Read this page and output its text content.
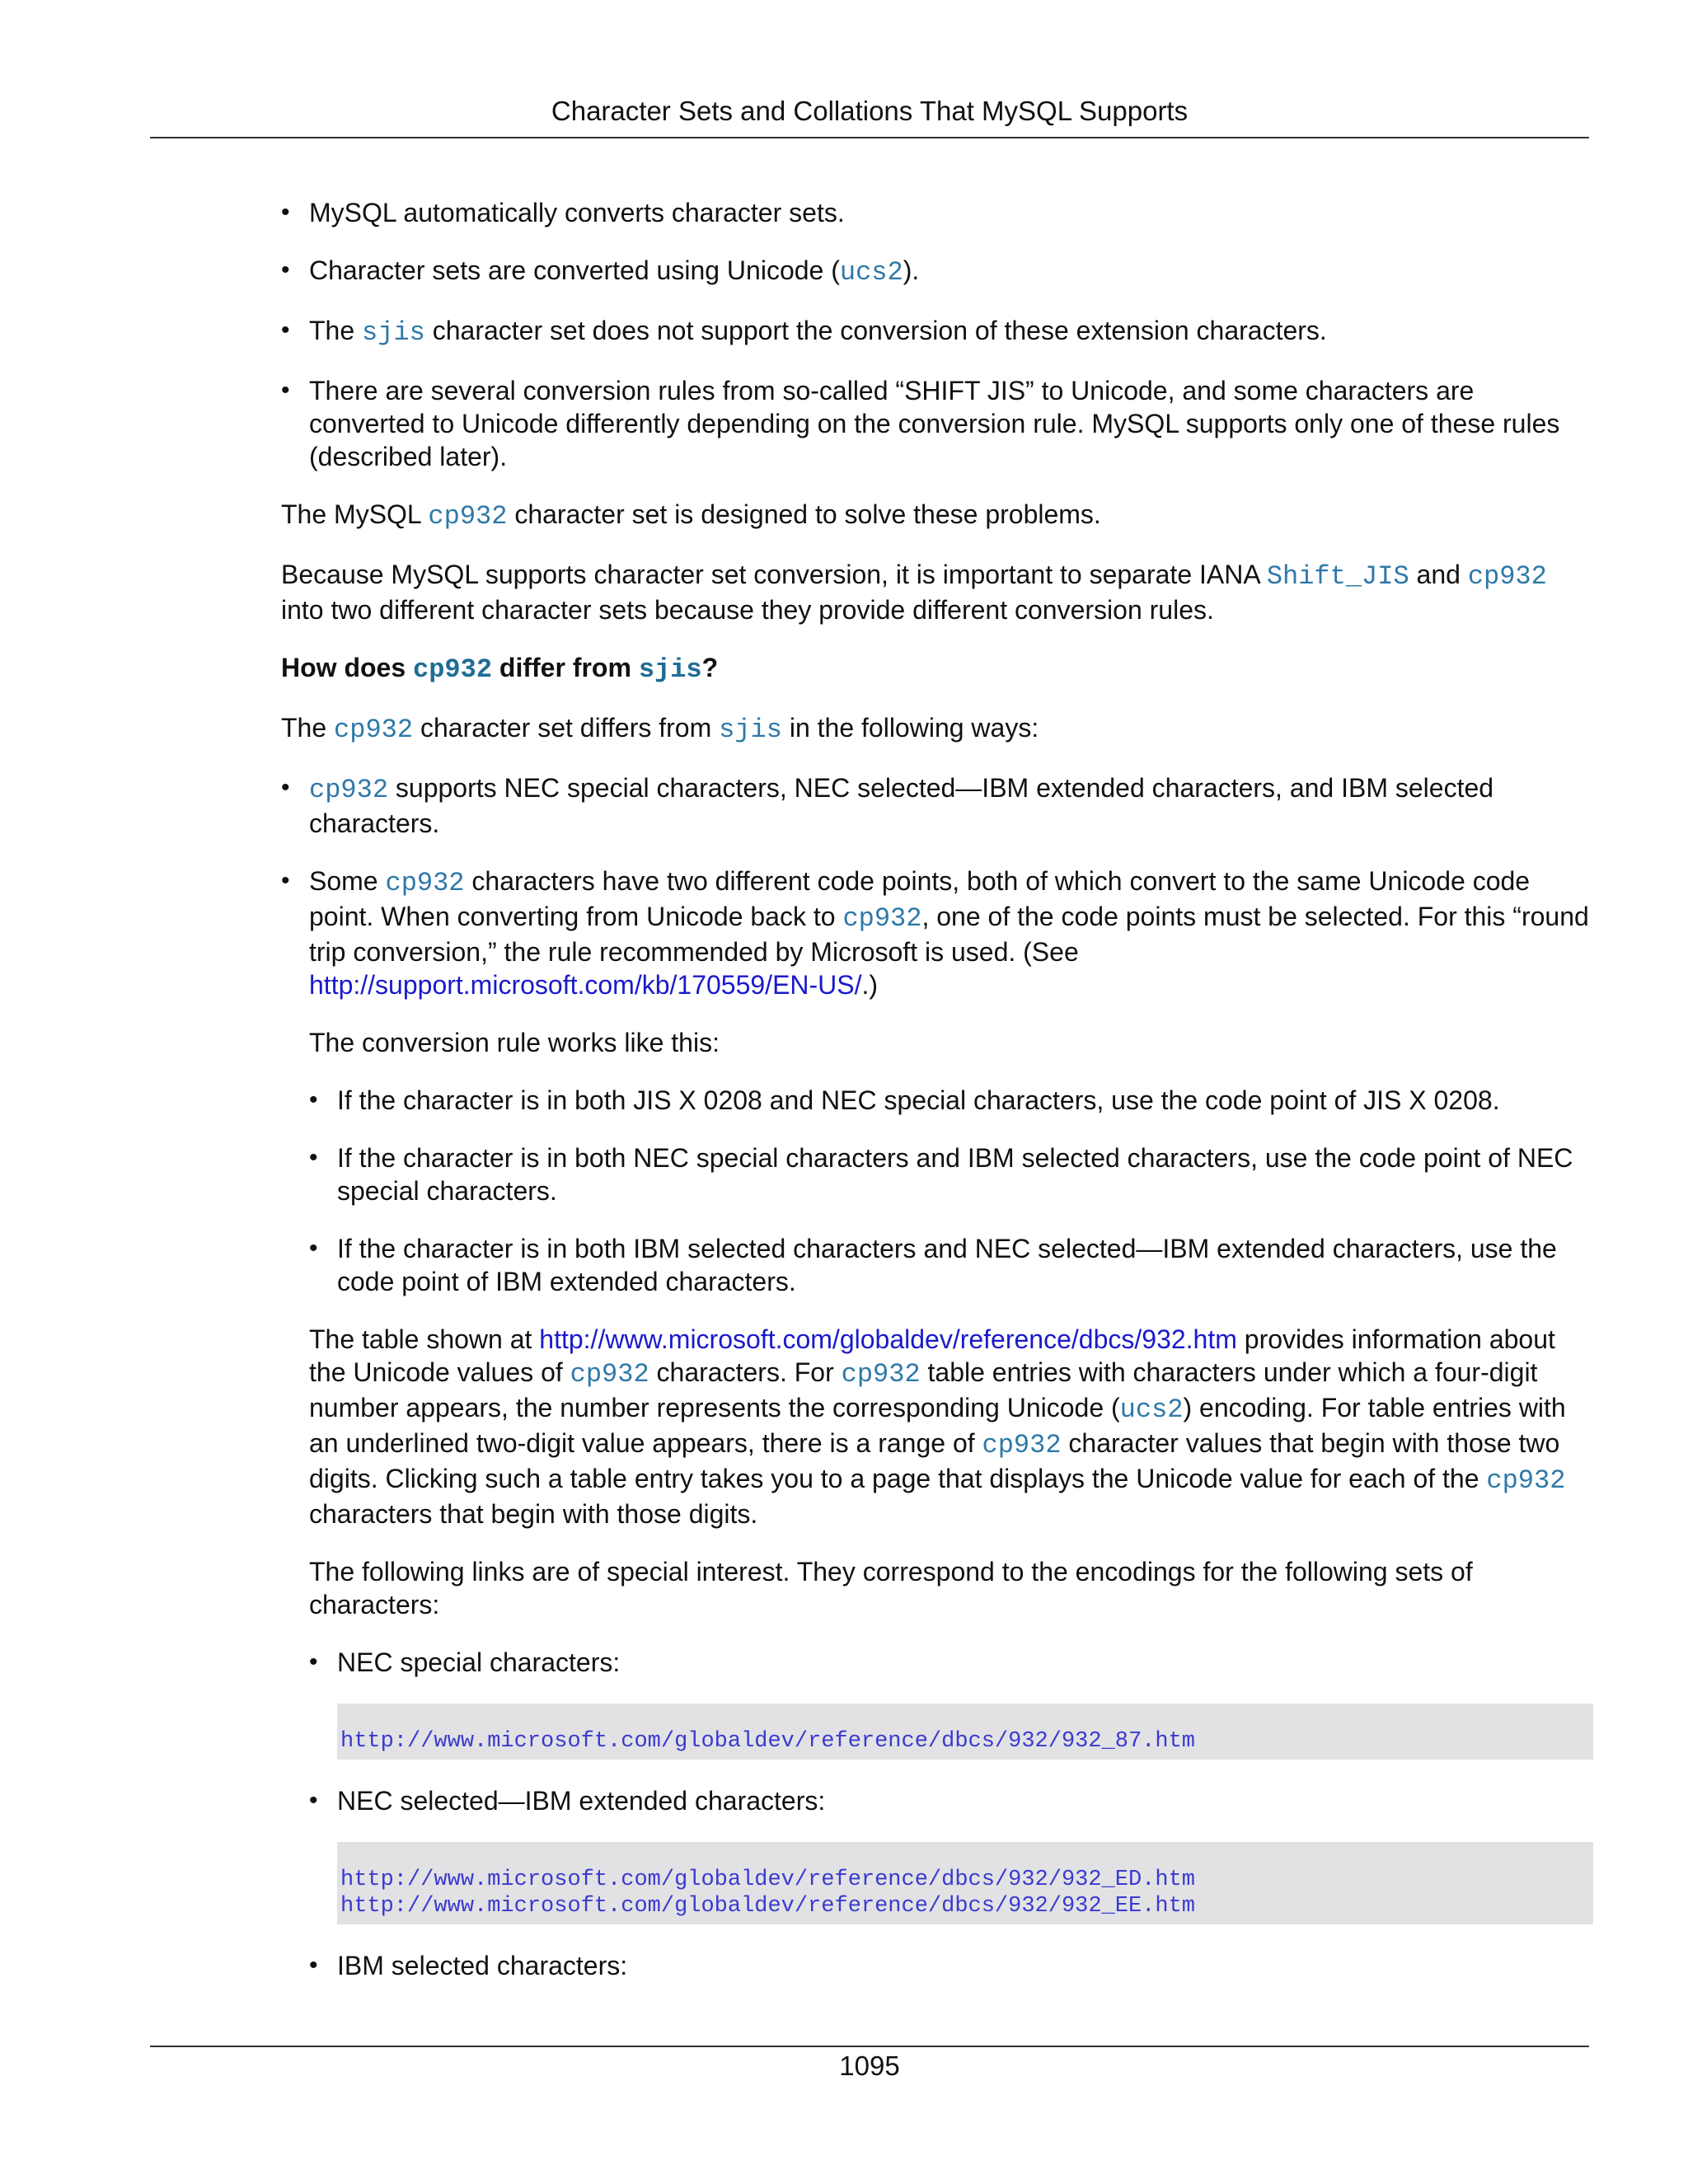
Character Sets and Collations That MySQL Supports
• MySQL automatically converts character sets.
• Character sets are converted using Unicode (ucs2).
• The sjis character set does not support the conversion of these extension characters.
• There are several conversion rules from so-called “SHIFT JIS” to Unicode, and some characters are converted to Unicode differently depending on the conversion rule. MySQL supports only one of these rules (described later).

The MySQL cp932 character set is designed to solve these problems.

Because MySQL supports character set conversion, it is important to separate IANA Shift_JIS and cp932 into two different character sets because they provide different conversion rules.

How does cp932 differ from sjis?

The cp932 character set differs from sjis in the following ways:

• cp932 supports NEC special characters, NEC selected—IBM extended characters, and IBM selected characters.
• Some cp932 characters have two different code points, both of which convert to the same Unicode code point. When converting from Unicode back to cp932, one of the code points must be selected. For this “round trip conversion,” the rule recommended by Microsoft is used. (See http://support.microsoft.com/kb/170559/EN-US/.)

The conversion rule works like this:

• If the character is in both JIS X 0208 and NEC special characters, use the code point of JIS X 0208.
• If the character is in both NEC special characters and IBM selected characters, use the code point of NEC special characters.
• If the character is in both IBM selected characters and NEC selected—IBM extended characters, use the code point of IBM extended characters.

The table shown at http://www.microsoft.com/globaldev/reference/dbcs/932.htm provides information about the Unicode values of cp932 characters. For cp932 table entries with characters under which a four-digit number appears, the number represents the corresponding Unicode (ucs2) encoding. For table entries with an underlined two-digit value appears, there is a range of cp932 character values that begin with those two digits. Clicking such a table entry takes you to a page that displays the Unicode value for each of the cp932 characters that begin with those digits.

The following links are of special interest. They correspond to the encodings for the following sets of characters:

• NEC special characters:
http://www.microsoft.com/globaldev/reference/dbcs/932/932_87.htm
• NEC selected—IBM extended characters:
http://www.microsoft.com/globaldev/reference/dbcs/932/932_ED.htm
http://www.microsoft.com/globaldev/reference/dbcs/932/932_EE.htm
• IBM selected characters:
1095
